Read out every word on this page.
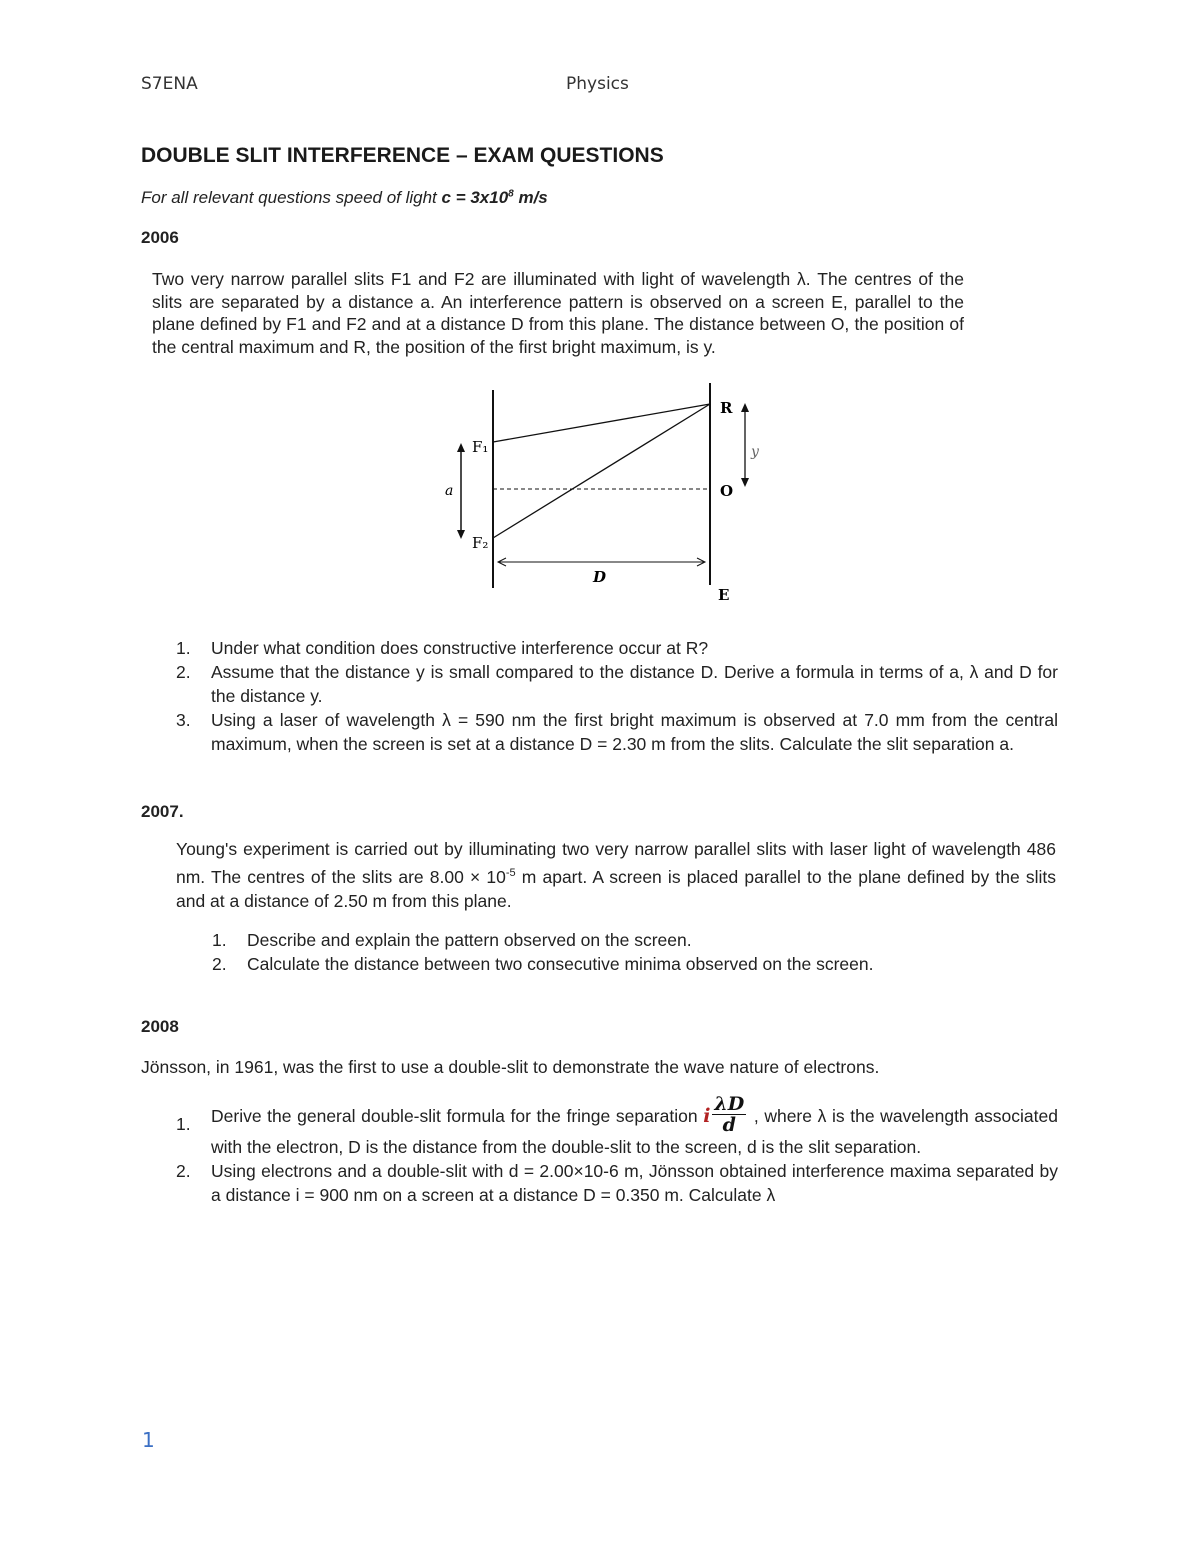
S7ENA	Physics
DOUBLE SLIT INTERFERENCE – EXAM QUESTIONS
For all relevant questions speed of light $c = 3x10^8$ m/s
2006

Two very narrow parallel slits F1 and F2 are illuminated with light of wavelength λ. The centres of the slits are separated by a distance a. An interference pattern is observed on a screen E, parallel to the plane defined by F1 and F2 and at a distance D from this plane. The distance between O, the position of the central maximum and R, the position of the first bright maximum, is y.

F₁
F₂
R
O
E
a
D
y
1. Under what condition does constructive interference occur at R?
2. Assume that the distance y is small compared to the distance D. Derive a formula in terms of a, λ and D for the distance y.
3. Using a laser of wavelength λ = 590 nm the first bright maximum is observed at 7.0 mm from the central maximum, when the screen is set at a distance D = 2.30 m from the slits. Calculate the slit separation a.
2007.

Young's experiment is carried out by illuminating two very narrow parallel slits with laser light of wavelength 486 nm. The centres of the slits are $8.00 \times 10^{-5}$ m apart. A screen is placed parallel to the plane defined by the slits and at a distance of 2.50 m from this plane.

1. Describe and explain the pattern observed on the screen.
2. Calculate the distance between two consecutive minima observed on the screen.
2008

Jönsson, in 1961, was the first to use a double-slit to demonstrate the wave nature of electrons.

1. Derive the general double-slit formula for the fringe separation i $\frac{\lambda D}{d}$ , where λ is the wavelength associated with the electron, D is the distance from the double-slit to the screen, d is the slit separation.
2. Using electrons and a double-slit with d = 2.00×10-6 m, Jönsson obtained interference maxima separated by a distance i = 900 nm on a screen at a distance D = 0.350 m. Calculate λ
1
